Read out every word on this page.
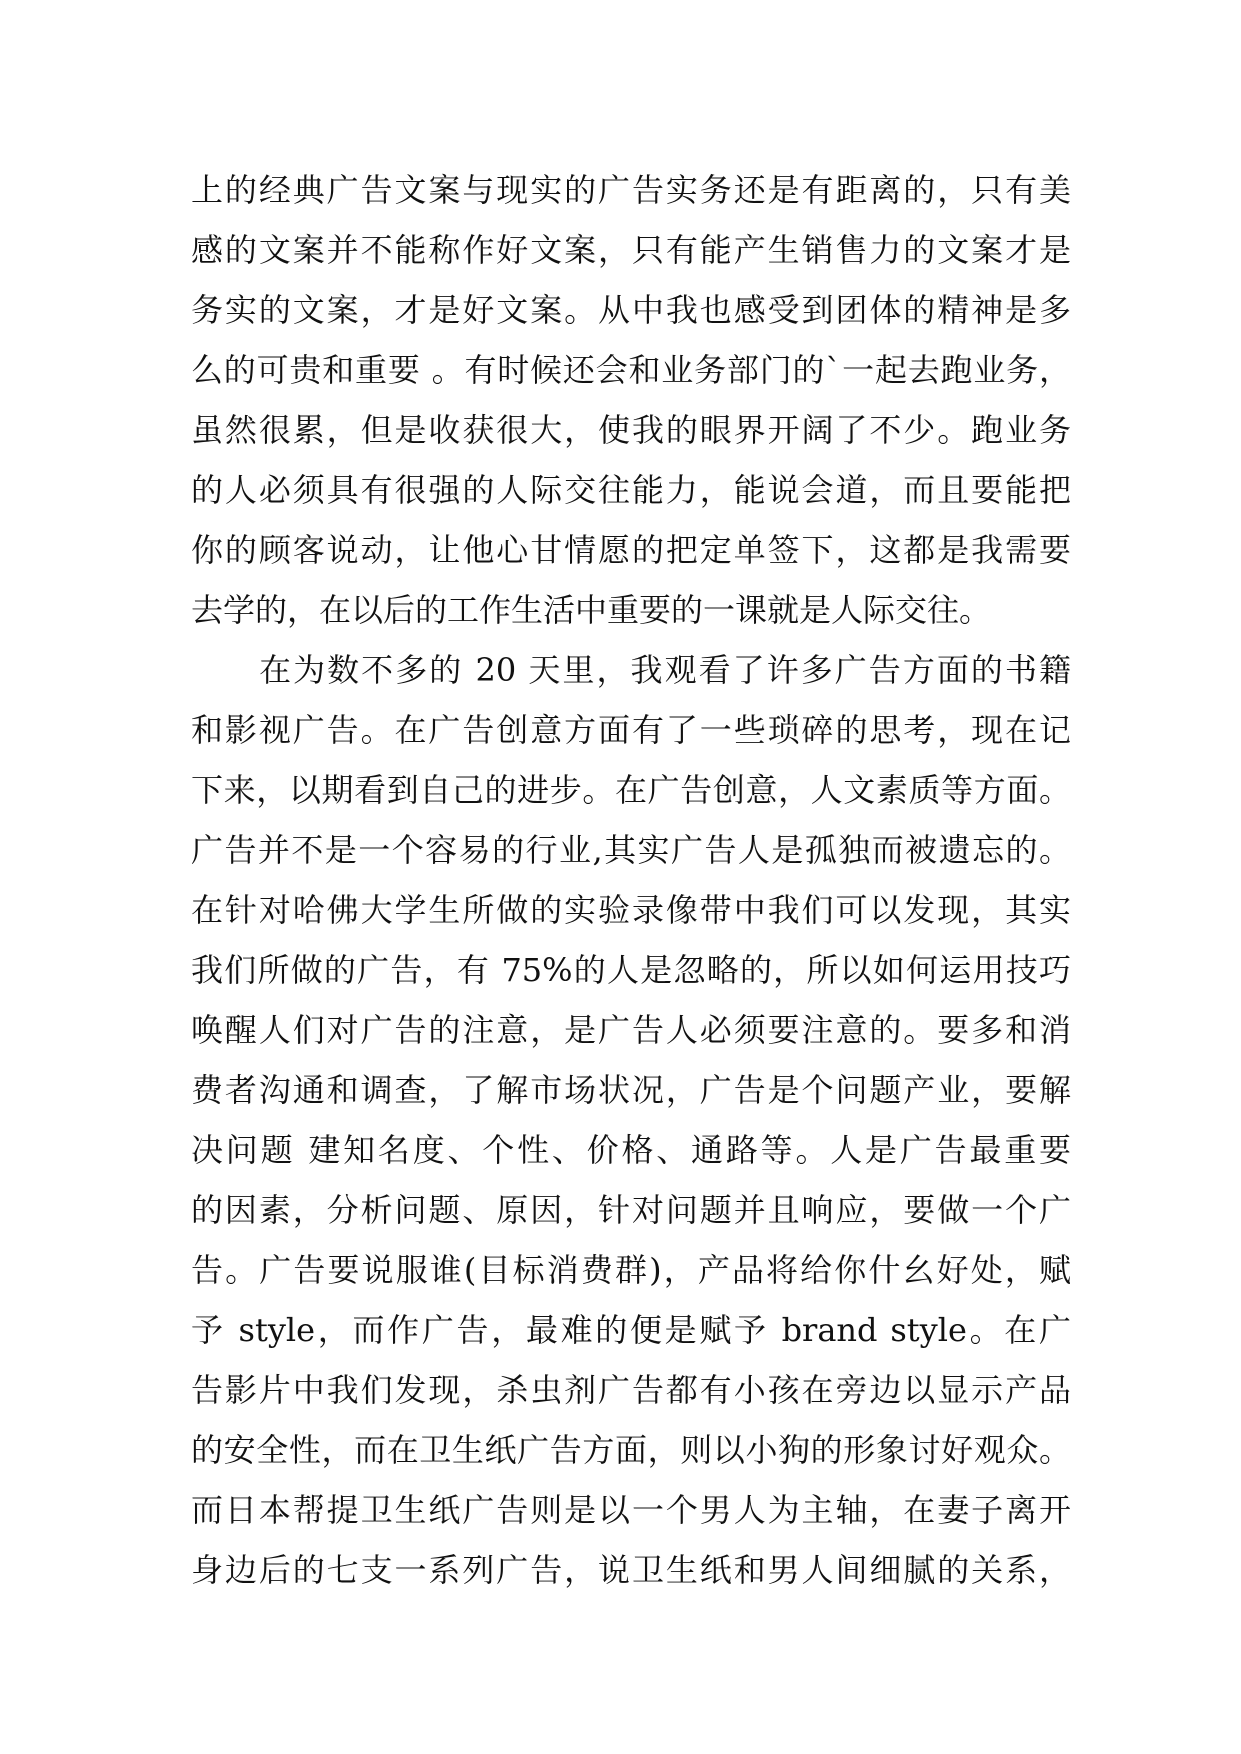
上的经典广告文案与现实的广告实务还是有距离的，只有美
感的文案并不能称作好文案，只有能产生销售力的文案才是
务实的文案，才是好文案。从中我也感受到团体的精神是多
么的可贵和重要 。有时候还会和业务部门的`一起去跑业务，
虽然很累，但是收获很大，使我的眼界开阔了不少。跑业务
的人必须具有很强的人际交往能力，能说会道，而且要能把
你的顾客说动，让他心甘情愿的把定单签下，这都是我需要
去学的，在以后的工作生活中重要的一课就是人际交往。
　　在为数不多的 20 天里，我观看了许多广告方面的书籍
和影视广告。在广告创意方面有了一些琐碎的思考，现在记
下来，以期看到自己的进步。在广告创意，人文素质等方面。
广告并不是一个容易的行业,其实广告人是孤独而被遗忘的。
在针对哈佛大学生所做的实验录像带中我们可以发现，其实
我们所做的广告，有 75%的人是忽略的，所以如何运用技巧
唤醒人们对广告的注意，是广告人必须要注意的。要多和消
费者沟通和调查，了解市场状况，广告是个问题产业，要解
决问题 建知名度、个性、价格、通路等。人是广告最重要
的因素，分析问题、原因，针对问题并且响应，要做一个广
告。广告要说服谁(目标消费群)，产品将给你什幺好处，赋
予 style，而作广告，最难的便是赋予 brand style。在广
告影片中我们发现，杀虫剂广告都有小孩在旁边以显示产品
的安全性，而在卫生纸广告方面，则以小狗的形象讨好观众。
而日本帮提卫生纸广告则是以一个男人为主轴，在妻子离开
身边后的七支一系列广告，说卫生纸和男人间细腻的关系，
